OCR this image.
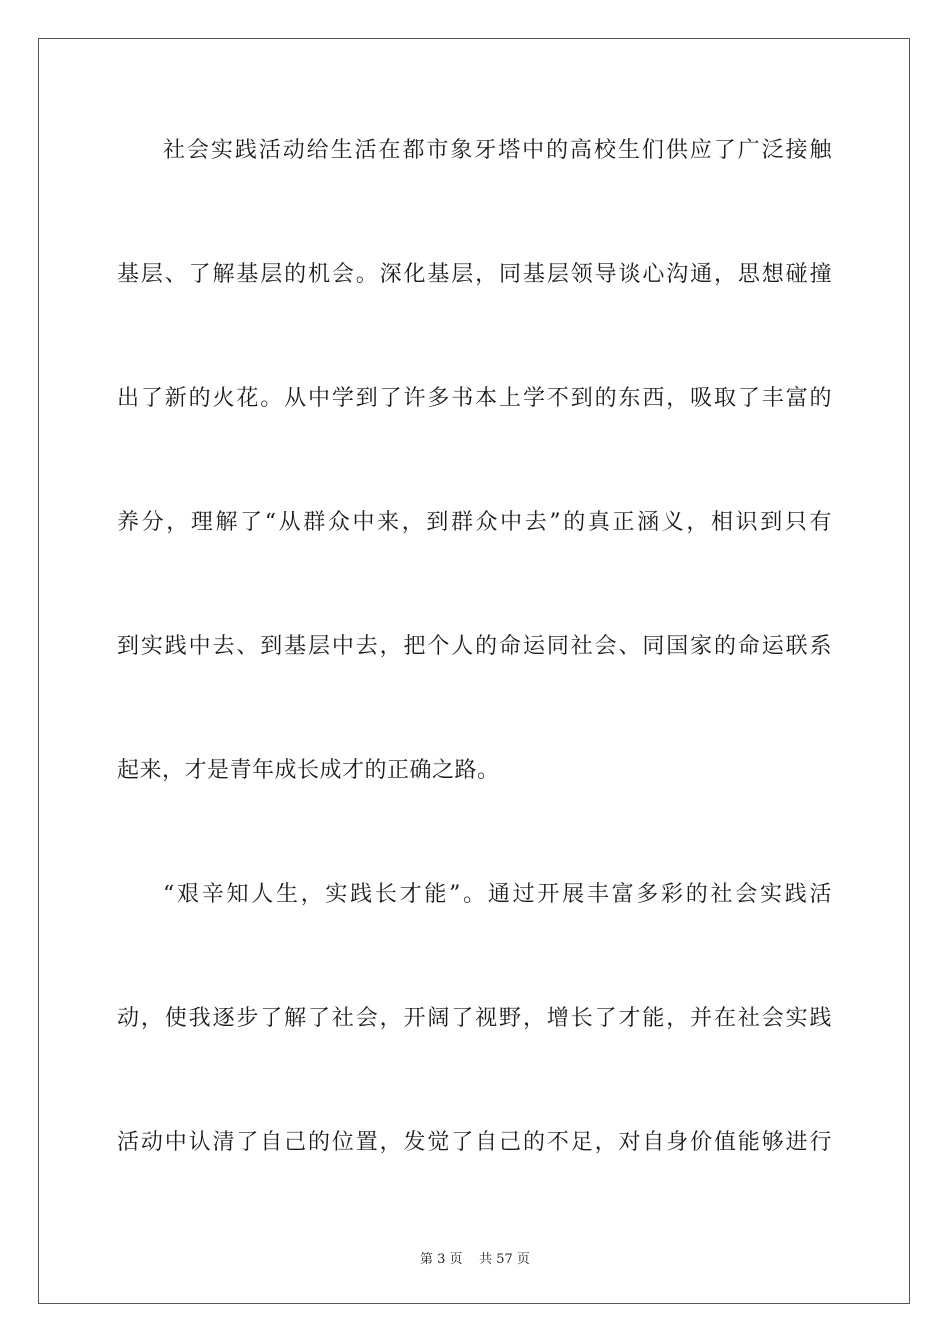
社会实践活动给生活在都市象牙塔中的高校生们供应了广泛接触
基层、了解基层的机会。深化基层，同基层领导谈心沟通，思想碰撞
出了新的火花。从中学到了许多书本上学不到的东西，吸取了丰富的
养分，理解了“从群众中来，到群众中去”的真正涵义，相识到只有
到实践中去、到基层中去，把个人的命运同社会、同国家的命运联系
起来，才是青年成长成才的正确之路。
“艰辛知人生，实践长才能”。通过开展丰富多彩的社会实践活
动，使我逐步了解了社会，开阔了视野，增长了才能，并在社会实践
活动中认清了自己的位置，发觉了自己的不足，对自身价值能够进行
第 3 页 共 57 页
